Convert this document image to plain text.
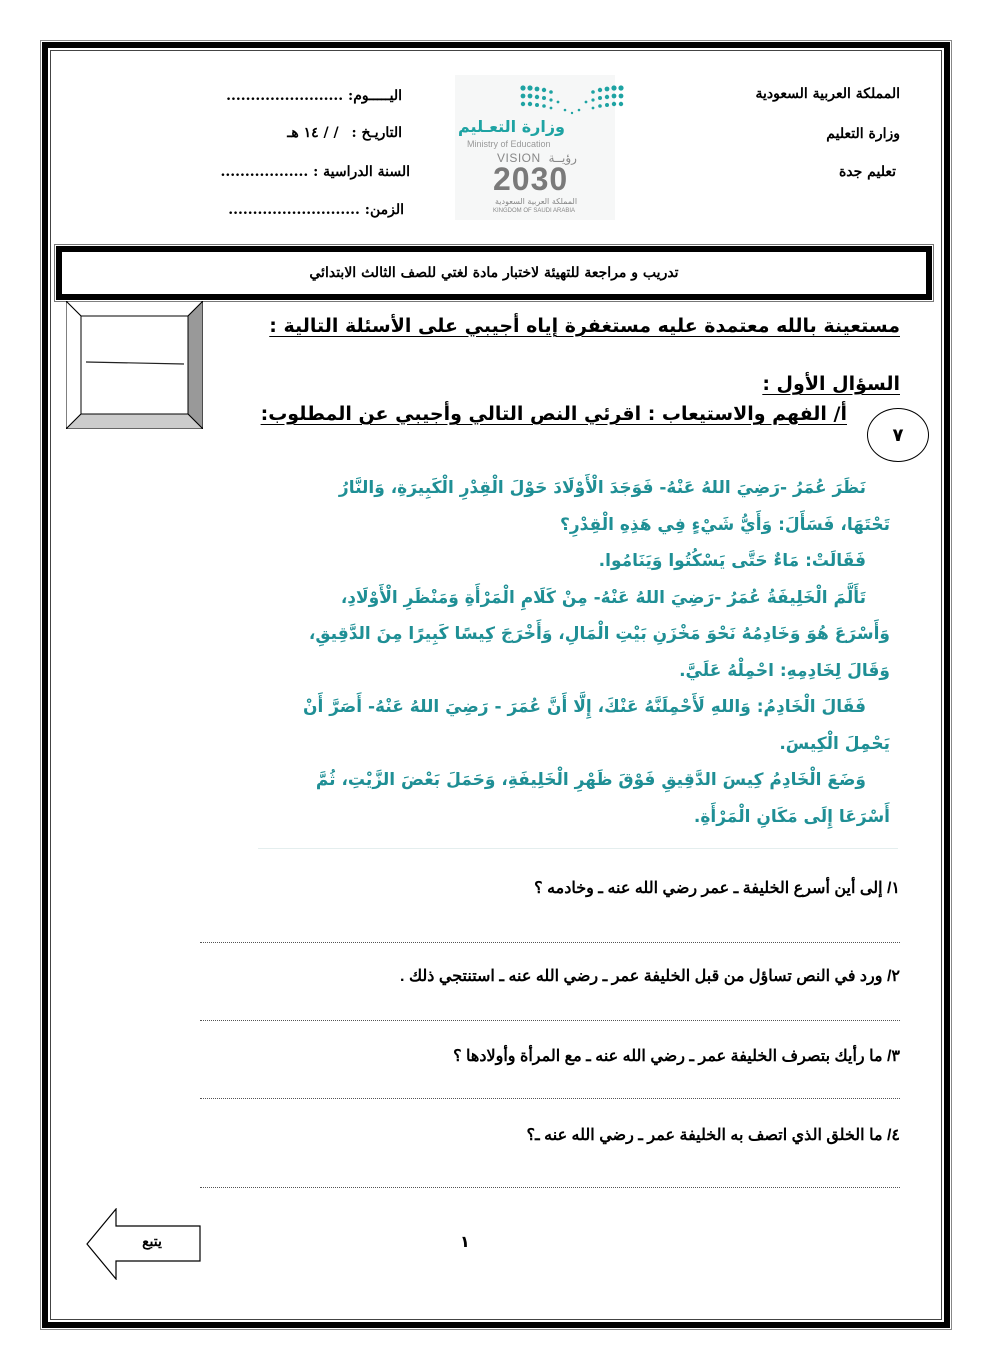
المملكة العربية السعودية
وزارة التعليم
تعليم جدة
اليـــــوم: ........................
التاريـخ : / / ١٤ هـ
السنة الدراسية : ..................
الزمن: ...........................
وزارة التعـليم
Ministry of Education
VISION رؤيــة
2030
المملكة العربية السعودية
KINGDOM OF SAUDI ARABIA
تدريب و مراجعة للتهيئة لاختبار مادة لغتي للصف الثالث الابتدائي
مستعينة بالله معتمدة عليه مستغفرة إياه أجيبي على الأسئلة التالية :
السؤال الأول :
أ/ الفهم والاستيعاب : اقرئي النص التالي وأجيبي عن المطلوب:
٧
نَظَرَ عُمَرُ -رَضِيَ اللهُ عَنْهُ- فَوَجَدَ الْأَوْلَادَ حَوْلَ الْقِدْرِ الْكَبِيرَةِ، وَالنَّارُ
تَحْتَهَا، فَسَأَلَ: وَأَيُّ شَيْءٍ فِي هَذِهِ الْقِدْرِ؟
فَقَالَتْ: مَاءٌ حَتَّى يَسْكُتُوا وَيَنَامُوا.
تَأَلَّمَ الْخَلِيفَةُ عُمَرُ -رَضِيَ اللهُ عَنْهُ- مِنْ كَلَامِ الْمَرْأَةِ وَمَنْظَرِ الْأَوْلَادِ،
وَأَسْرَعَ هُوَ وَخَادِمُهُ نَحْوَ مَخْزَنِ بَيْتِ الْمَالِ، وَأَخْرَجَ كِيسًا كَبِيرًا مِنَ الدَّقِيقِ،
وَقَالَ لِخَادِمِهِ: احْمِلْهُ عَلَيَّ.
فَقَالَ الْخَادِمُ: وَاللهِ لَأَحْمِلَنَّهُ عَنْكَ، إِلَّا أَنَّ عُمَرَ - رَضِيَ اللهُ عَنْهُ- أَصَرَّ أَنْ
يَحْمِلَ الْكِيسَ.
وَضَعَ الْخَادِمُ كِيسَ الدَّقِيقِ فَوْقَ ظَهْرِ الْخَلِيفَةِ، وَحَمَلَ بَعْضَ الزَّيْتِ، ثُمَّ
أَسْرَعَا إِلَى مَكَانِ الْمَرْأَةِ.
١/ إلى أين أسرع الخليفة ـ عمر رضي الله عنه ـ وخادمه ؟
٢/ ورد في النص تساؤل من قبل الخليفة عمر ـ رضي الله عنه ـ استنتجي ذلك .
٣/ ما رأيك بتصرف الخليفة عمر ـ رضي الله عنه ـ مع المرأة وأولادها ؟
٤/ ما الخلق الذي اتصف به الخليفة عمر ـ رضي الله عنه ـ؟
يتبع	١
